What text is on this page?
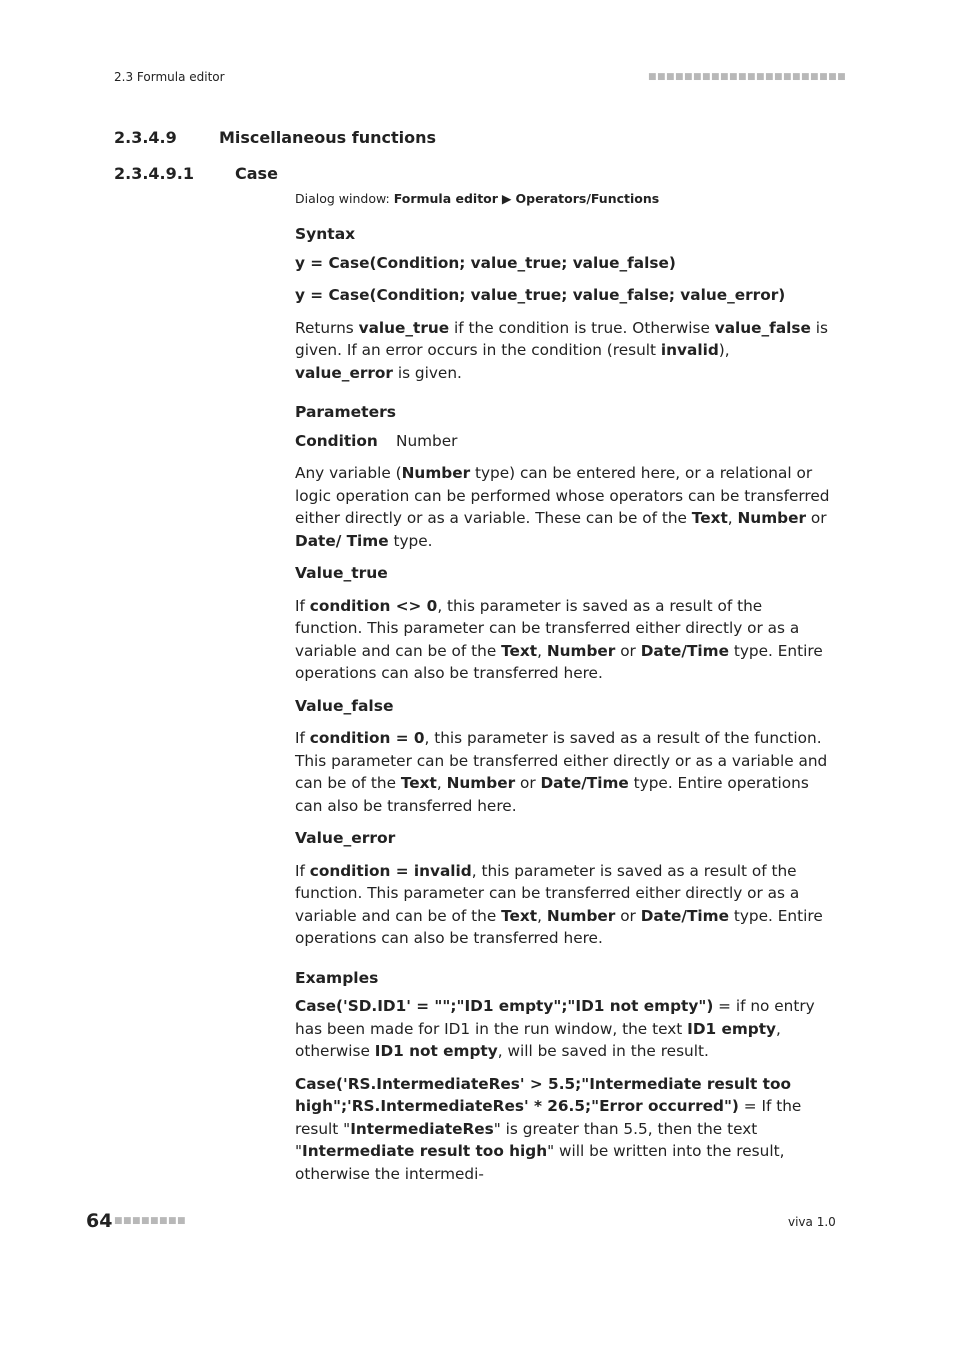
2.3 Formula editor	■■■■■■■■■■■■■■■■■■■■■■
2.3.4.9	Miscellaneous functions
2.3.4.9.1	Case
Dialog window: Formula editor ▶ Operators/Functions
Syntax
y = Case(Condition; value_true; value_false)
y = Case(Condition; value_true; value_false; value_error)

Returns value_true if the condition is true. Otherwise value_false is given. If an error occurs in the condition (result invalid), value_error is given.

Parameters
Condition Number

Any variable (Number type) can be entered here, or a relational or logic operation can be performed whose operators can be transferred either directly or as a variable. These can be of the Text, Number or Date/ Time type.

Value_true

If condition <> 0, this parameter is saved as a result of the function. This parameter can be transferred either directly or as a variable and can be of the Text, Number or Date/Time type. Entire operations can also be transferred here.

Value_false

If condition = 0, this parameter is saved as a result of the function. This parameter can be transferred either directly or as a variable and can be of the Text, Number or Date/Time type. Entire operations can also be transferred here.

Value_error

If condition = invalid, this parameter is saved as a result of the function. This parameter can be transferred either directly or as a variable and can be of the Text, Number or Date/Time type. Entire operations can also be transferred here.

Examples

Case('SD.ID1' = "";"ID1 empty";"ID1 not empty") = if no entry has been made for ID1 in the run window, the text ID1 empty, otherwise ID1 not empty, will be saved in the result.

Case('RS.IntermediateRes' > 5.5;"Intermediate result too high";'RS.IntermediateRes' * 26.5;"Error occurred") = If the result "IntermediateRes" is greater than 5.5, then the text "Intermediate result too high" will be written into the result, otherwise the intermedi-

64 ■■■■■■■■	viva 1.0
